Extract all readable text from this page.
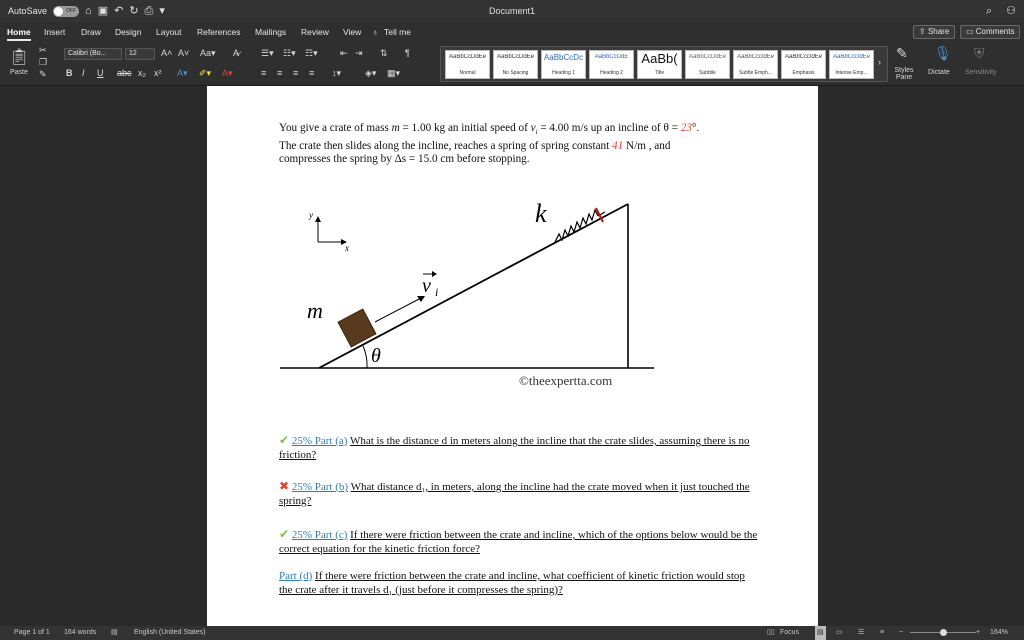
AutoSave	OFF ⌂ ▣ ↶ ↻ ⎙ ▾	Document1	⌕ ⚇
Home Insert Draw Design Layout References Mailings Review View ♁ Tell me	⇪ Share	▭ Comments
📋︎
Paste
✂
❐
✎
Calibri (Bo...	12	A˄ A˅ Aa▾ A̷
B I U abc x₂ x² A▾ ✐▾ A▾
☰▾ ☷▾ ☶▾ ⇤ ⇥ ⇅ ¶
≡ ≡ ≡ ≡ ↕▾	◈▾ ▦▾
AaBbCcDdEe
Normal
AaBbCcDdEe
No Spacing
AaBbCcDc
Heading 1
AaBbCcDdE
Heading 2
AaBb(
Title
AaBbCcDdEe
Subtitle
AaBbCcDdEe
Subtle Emph...
AaBbCcDdEe
Emphasis
AaBbCcDdEe
Intense Emp...
›
✎
Styles Pane
🎙︎
Dictate
⛨
Sensitivity
You give a crate of mass m = 1.00 kg an initial speed of $v_i = 4.00$ m/s up an incline of θ = 23°.
The crate then slides along the incline, reaches a spring of spring constant 41 N/m , and
compresses the spring by Δs = 15.0 cm before stopping.
y
x
k
v i
m
θ
©theexpertta.com
✔ 25% Part (a) What is the distance d in meters along the incline that the crate slides, assuming there is no friction?
✖ 25% Part (b) What distance d₁, in meters, along the incline had the crate moved when it just touched the spring?
✔ 25% Part (c) If there were friction between the crate and incline, which of the options below would be the correct equation for the kinetic friction force?
Part (d) If there were friction between the crate and incline, what coefficient of kinetic friction would stop the crate after it travels d₁ (just before it compresses the spring)?
Page 1 of 1 164 words ▤ English (United States)	▯▯ Focus	▤ ▭ ☰ ≡ −	+ 164%
